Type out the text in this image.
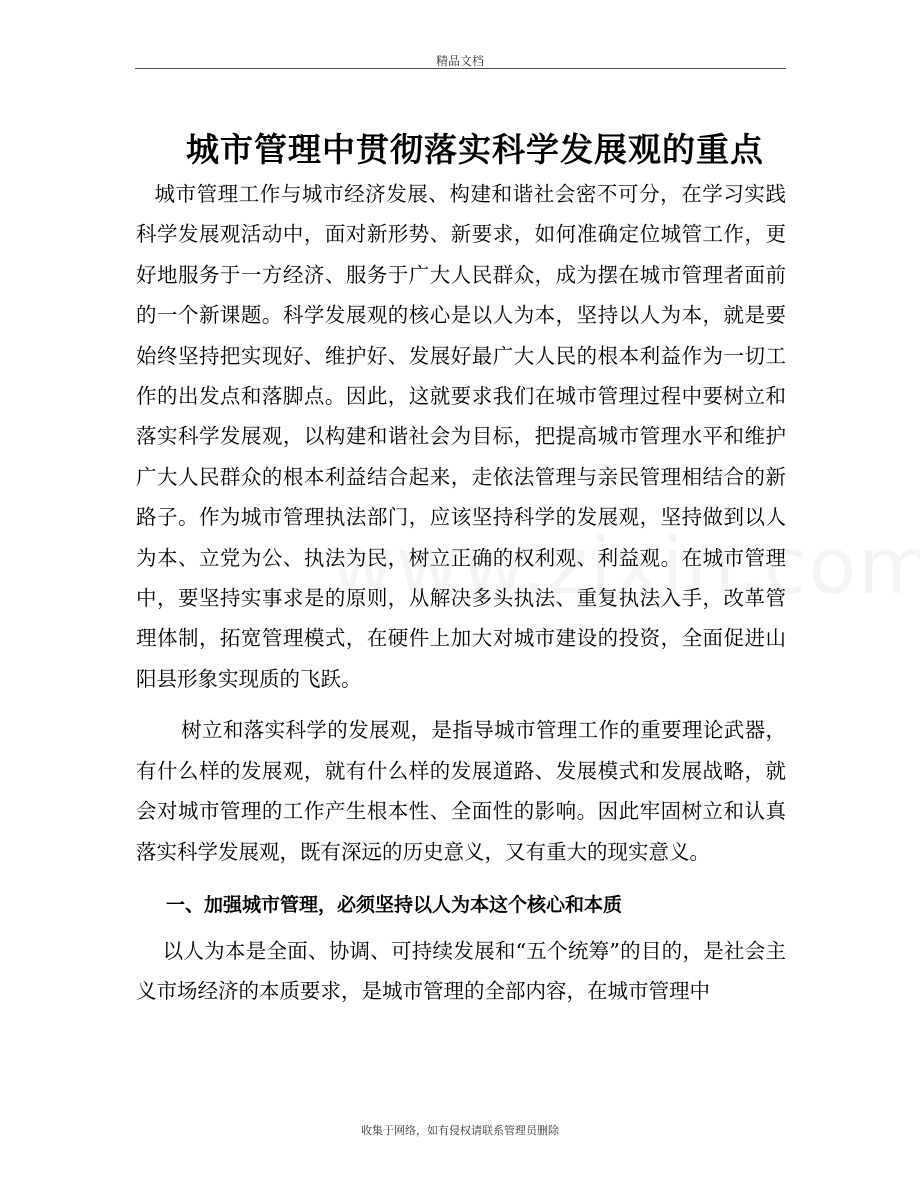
精品文档
城市管理中贯彻落实科学发展观的重点

城市管理工作与城市经济发展、构建和谐社会密不可分，在学习实践科学发展观活动中，面对新形势、新要求，如何准确定位城管工作，更好地服务于一方经济、服务于广大人民群众，成为摆在城市管理者面前的一个新课题。科学发展观的核心是以人为本，坚持以人为本，就是要始终坚持把实现好、维护好、发展好最广大人民的根本利益作为一切工作的出发点和落脚点。因此，这就要求我们在城市管理过程中要树立和落实科学发展观，以构建和谐社会为目标，把提高城市管理水平和维护广大人民群众的根本利益结合起来，走依法管理与亲民管理相结合的新路子。作为城市管理执法部门，应该坚持科学的发展观，坚持做到以人为本、立党为公、执法为民，树立正确的权利观、利益观。在城市管理中，要坚持实事求是的原则，从解决多头执法、重复执法入手，改革管理体制，拓宽管理模式，在硬件上加大对城市建设的投资，全面促进山阳县形象实现质的飞跃。

树立和落实科学的发展观，是指导城市管理工作的重要理论武器，有什么样的发展观，就有什么样的发展道路、发展模式和发展战略，就会对城市管理的工作产生根本性、全面性的影响。因此牢固树立和认真落实科学发展观，既有深远的历史意义，又有重大的现实意义。

一、加强城市管理，必须坚持以人为本这个核心和本质

以人为本是全面、协调、可持续发展和“五个统筹”的目的，是社会主义市场经济的本质要求，是城市管理的全部内容，在城市管理中

收集于网络，如有侵权请联系管理员删除
